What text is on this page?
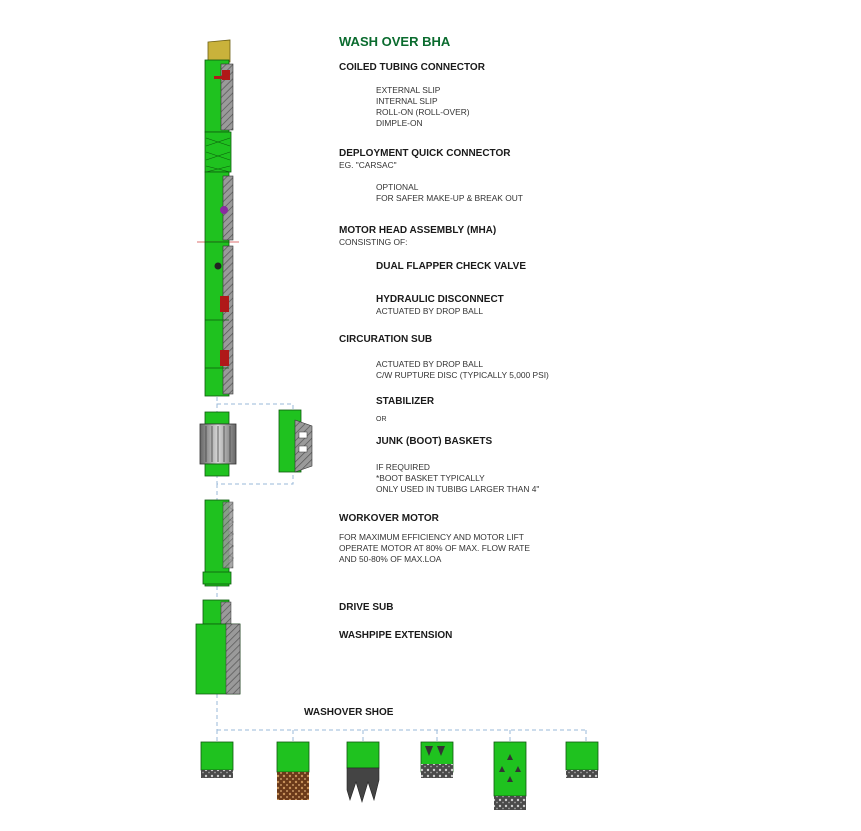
WASH OVER BHA
COILED TUBING CONNECTOR
EXTERNAL SLIP
INTERNAL SLIP
ROLL-ON (ROLL-OVER)
DIMPLE-ON
DEPLOYMENT QUICK CONNECTOR
EG. "CARSAC"
OPTIONAL
FOR SAFER MAKE-UP & BREAK OUT
MOTOR HEAD ASSEMBLY (MHA)
CONSISTING OF:
DUAL FLAPPER CHECK VALVE
HYDRAULIC DISCONNECT
ACTUATED BY DROP BALL
CIRCURATION SUB
ACTUATED BY DROP BALL
C/W RUPTURE DISC (TYPICALLY 5,000 PSI)
STABILIZER
OR
JUNK (BOOT) BASKETS
IF REQUIRED
*BOOT BASKET TYPICALLY
ONLY USED IN TUBIBG LARGER THAN 4"
WORKOVER MOTOR
FOR MAXIMUM EFFICIENCY AND MOTOR LIFT
OPERATE MOTOR AT 80% OF MAX. FLOW RATE
AND 50-80% OF MAX.LOA
DRIVE SUB
WASHPIPE EXTENSION
WASHOVER SHOE
